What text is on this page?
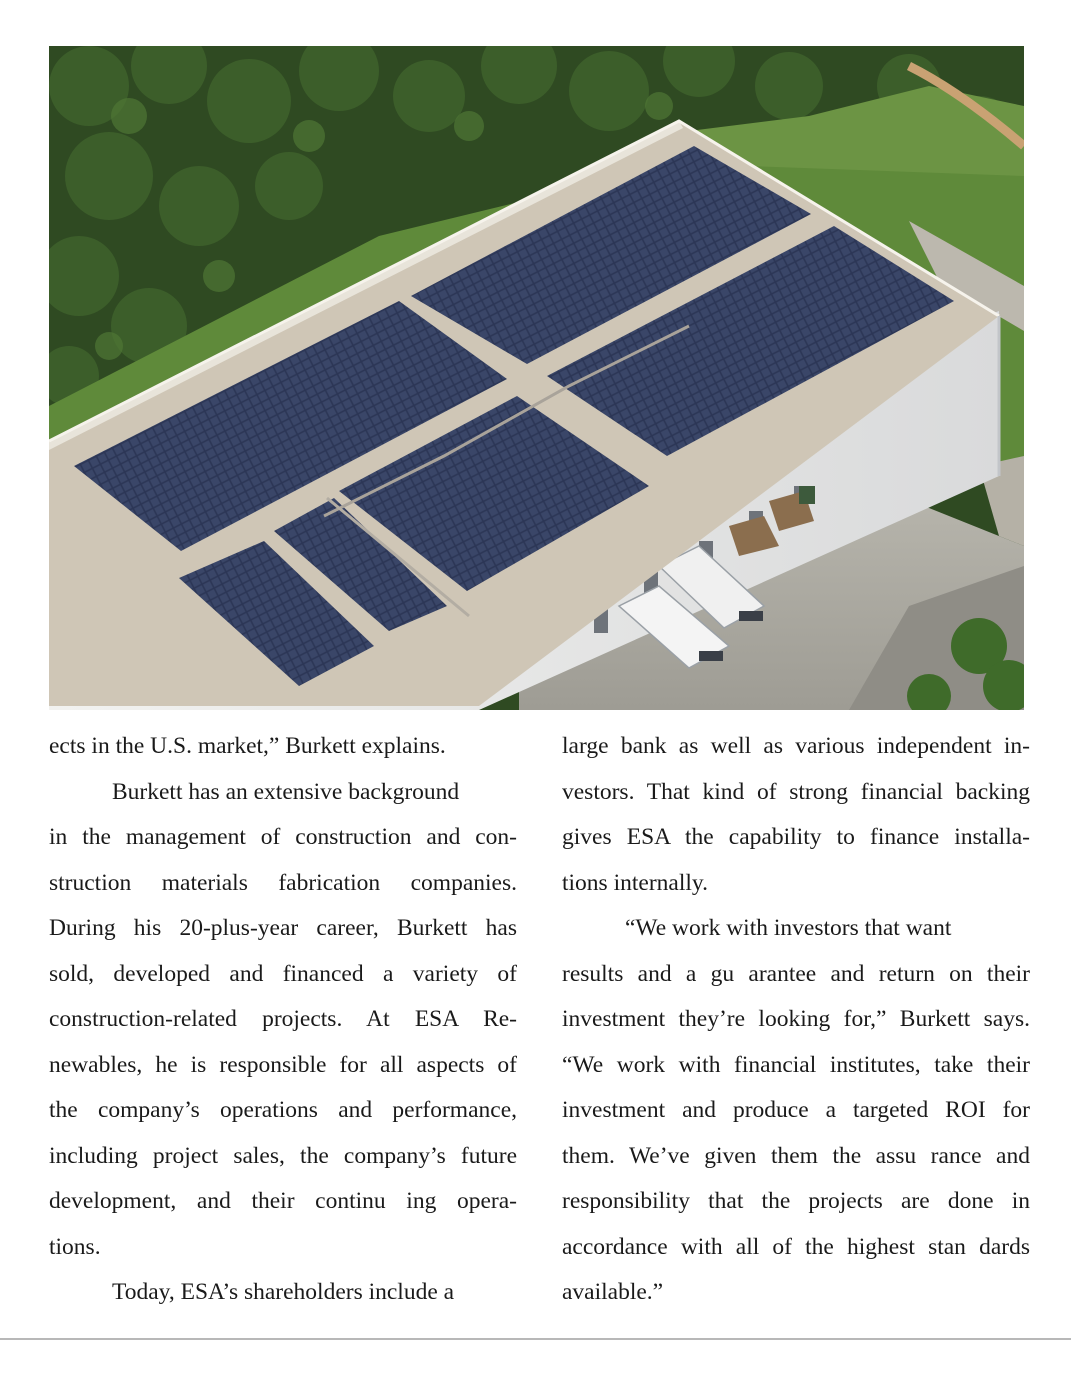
ects in the U.S. market,” Burkett explains.
Burkett has an extensive background
in the management of construction and con-
struction materials fabrication companies.
During his 20-plus-year career, Burkett has
sold, developed and financed a variety of
construction-related projects. At ESA Re-
newables, he is responsible for all aspects of
the company’s operations and performance,
including project sales, the company’s future
development, and their continu ing opera-
tions.
Today, ESA’s shareholders include a
large bank as well as various independent in-
vestors. That kind of strong financial backing
gives ESA the capability to finance installa-
tions internally.
“We work with investors that want
results and a gu arantee and return on their
investment they’re looking for,” Burkett says.
“We work with financial institutes, take their
investment and produce a targeted ROI for
them. We’ve given them the assu rance and
responsibility that the projects are done in
accordance with all of the highest stan dards
available.”
